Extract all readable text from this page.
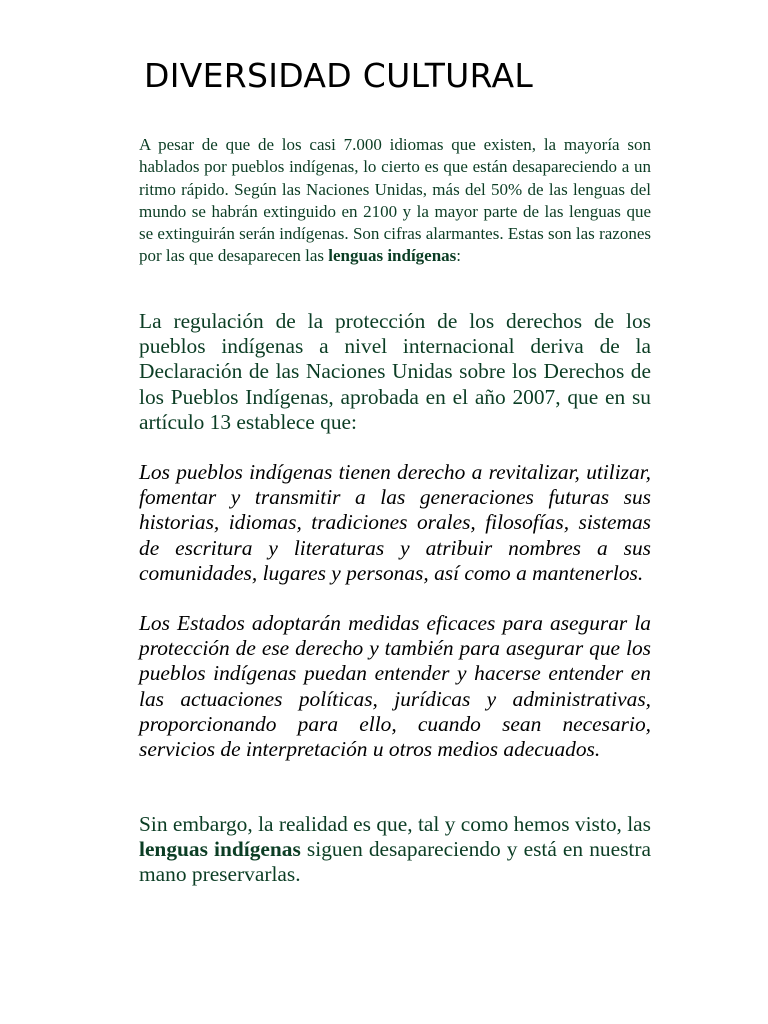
DIVERSIDAD CULTURAL

A pesar de que de los casi 7.000 idiomas que existen, la mayoría son hablados por pueblos indígenas, lo cierto es que están desapareciendo a un ritmo rápido. Según las Naciones Unidas, más del 50% de las lenguas del mundo se habrán extinguido en 2100 y la mayor parte de las lenguas que se extinguirán serán indígenas. Son cifras alarmantes. Estas son las razones por las que desaparecen las lenguas indígenas:

La regulación de la protección de los derechos de los pueblos indígenas a nivel internacional deriva de la Declaración de las Naciones Unidas sobre los Derechos de los Pueblos Indígenas, aprobada en el año 2007, que en su artículo 13 establece que:

Los pueblos indígenas tienen derecho a revitalizar, utilizar, fomentar y transmitir a las generaciones futuras sus historias, idiomas, tradiciones orales, filosofías, sistemas de escritura y literaturas y atribuir nombres a sus comunidades, lugares y personas, así como a mantenerlos.

Los Estados adoptarán medidas eficaces para asegurar la protección de ese derecho y también para asegurar que los pueblos indígenas puedan entender y hacerse entender en las actuaciones políticas, jurídicas y administrativas, proporcionando para ello, cuando sean necesario, servicios de interpretación u otros medios adecuados.

Sin embargo, la realidad es que, tal y como hemos visto, las lenguas indígenas siguen desapareciendo y está en nuestra mano preservarlas.
